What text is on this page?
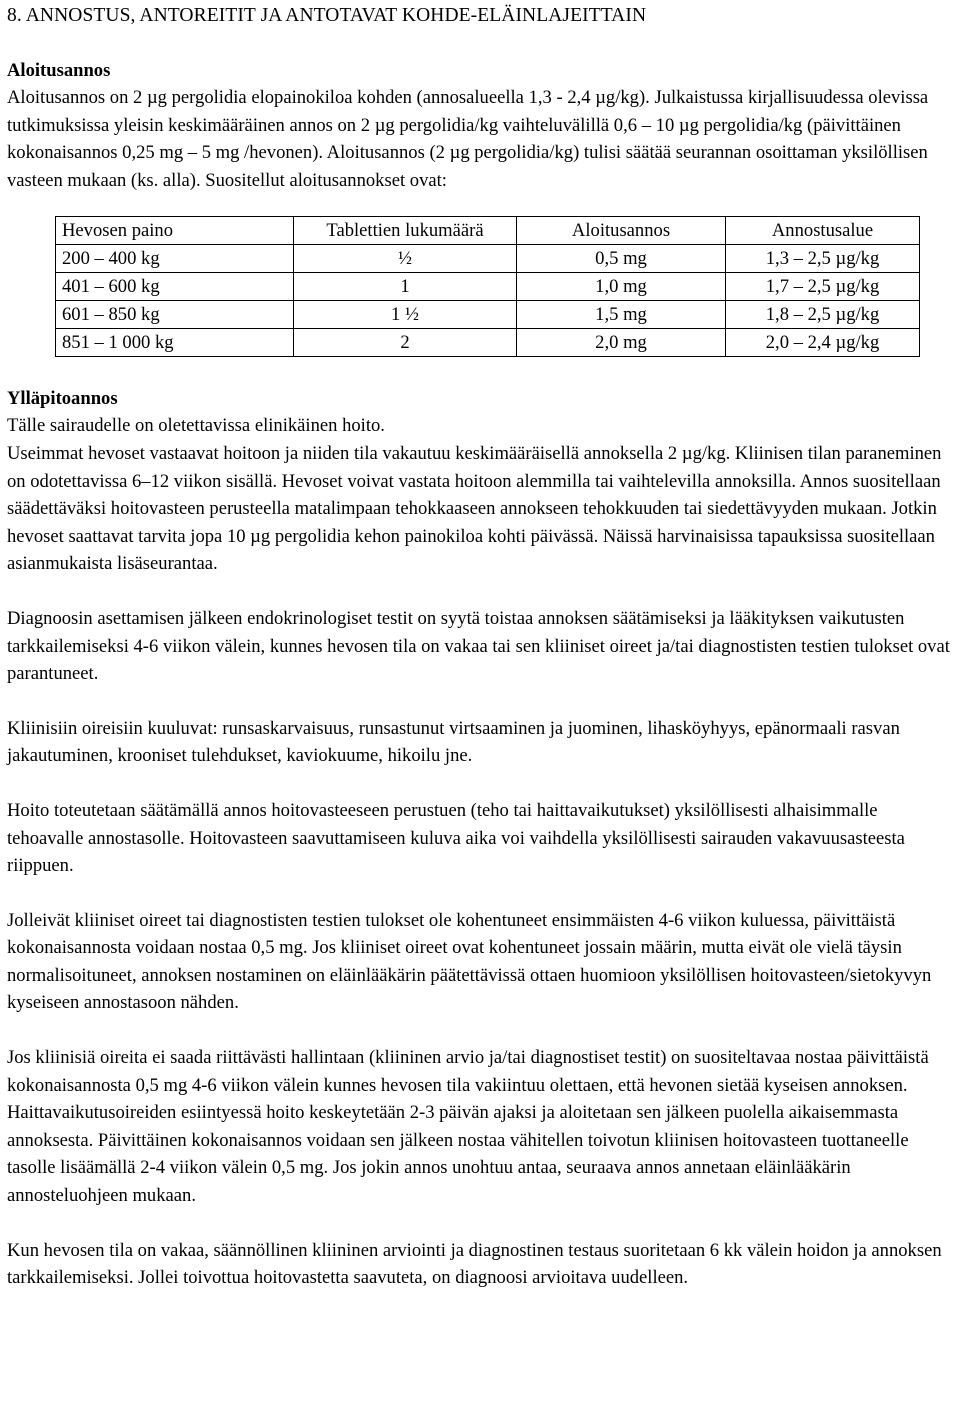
8. ANNOSTUS, ANTOREITIT JA ANTOTAVAT KOHDE-ELÄINLAJEITTAIN
Aloitusannos

Aloitusannos on 2 µg pergolidia elopainokiloa kohden (annosalueella 1,3 - 2,4 µg/kg). Julkaistussa kirjallisuudessa olevissa tutkimuksissa yleisin keskimääräinen annos on 2 µg pergolidia/kg vaihteluvälillä 0,6 – 10 µg pergolidia/kg (päivittäinen kokonaisannos 0,25 mg – 5 mg /hevonen). Aloitusannos (2 µg pergolidia/kg) tulisi säätää seurannan osoittaman yksilöllisen vasteen mukaan (ks. alla). Suositellut aloitusannokset ovat:

Hevosen paino	Tablettien lukumäärä	Aloitusannos	Annostusalue
200 – 400 kg	½	0,5 mg	1,3 – 2,5 µg/kg
401 – 600 kg	1	1,0 mg	1,7 – 2,5 µg/kg
601 – 850 kg	1 ½	1,5 mg	1,8 – 2,5 µg/kg
851 – 1 000 kg	2	2,0 mg	2,0 – 2,4 µg/kg
Ylläpitoannos

Tälle sairaudelle on oletettavissa elinikäinen hoito.

Useimmat hevoset vastaavat hoitoon ja niiden tila vakautuu keskimääräisellä annoksella 2 µg/kg. Kliinisen tilan paraneminen on odotettavissa 6–12 viikon sisällä. Hevoset voivat vastata hoitoon alemmilla tai vaihtelevilla annoksilla. Annos suositellaan säädettäväksi hoitovasteen perusteella matalimpaan tehokkaaseen annokseen tehokkuuden tai siedettävyyden mukaan. Jotkin hevoset saattavat tarvita jopa 10 µg pergolidia kehon painokiloa kohti päivässä. Näissä harvinaisissa tapauksissa suositellaan asianmukaista lisäseurantaa.

Diagnoosin asettamisen jälkeen endokrinologiset testit on syytä toistaa annoksen säätämiseksi ja lääkityksen vaikutusten tarkkailemiseksi 4-6 viikon välein, kunnes hevosen tila on vakaa tai sen kliiniset oireet ja/tai diagnostisten testien tulokset ovat parantuneet.

Kliinisiin oireisiin kuuluvat: runsaskarvaisuus, runsastunut virtsaaminen ja juominen, lihasköyhyys, epänormaali rasvan jakautuminen, krooniset tulehdukset, kaviokuume, hikoilu jne.

Hoito toteutetaan säätämällä annos hoitovasteeseen perustuen (teho tai haittavaikutukset) yksilöllisesti alhaisimmalle tehoavalle annostasolle. Hoitovasteen saavuttamiseen kuluva aika voi vaihdella yksilöllisesti sairauden vakavuusasteesta riippuen.

Jolleivät kliiniset oireet tai diagnostisten testien tulokset ole kohentuneet ensimmäisten 4-6 viikon kuluessa, päivittäistä kokonaisannosta voidaan nostaa 0,5 mg. Jos kliiniset oireet ovat kohentuneet jossain määrin, mutta eivät ole vielä täysin normalisoituneet, annoksen nostaminen on eläinlääkärin päätettävissä ottaen huomioon yksilöllisen hoitovasteen/sietokyvyn kyseiseen annostasoon nähden.

Jos kliinisiä oireita ei saada riittävästi hallintaan (kliininen arvio ja/tai diagnostiset testit) on suositeltavaa nostaa päivittäistä kokonaisannosta 0,5 mg 4-6 viikon välein kunnes hevosen tila vakiintuu olettaen, että hevonen sietää kyseisen annoksen. Haittavaikutusoireiden esiintyessä hoito keskeytetään 2-3 päivän ajaksi ja aloitetaan sen jälkeen puolella aikaisemmasta annoksesta. Päivittäinen kokonaisannos voidaan sen jälkeen nostaa vähitellen toivotun kliinisen hoitovasteen tuottaneelle tasolle lisäämällä 2-4 viikon välein 0,5 mg. Jos jokin annos unohtuu antaa, seuraava annos annetaan eläinlääkärin annosteluohjeen mukaan.

Kun hevosen tila on vakaa, säännöllinen kliininen arviointi ja diagnostinen testaus suoritetaan 6 kk välein hoidon ja annoksen tarkkailemiseksi. Jollei toivottua hoitovastetta saavuteta, on diagnoosi arvioitava uudelleen.
